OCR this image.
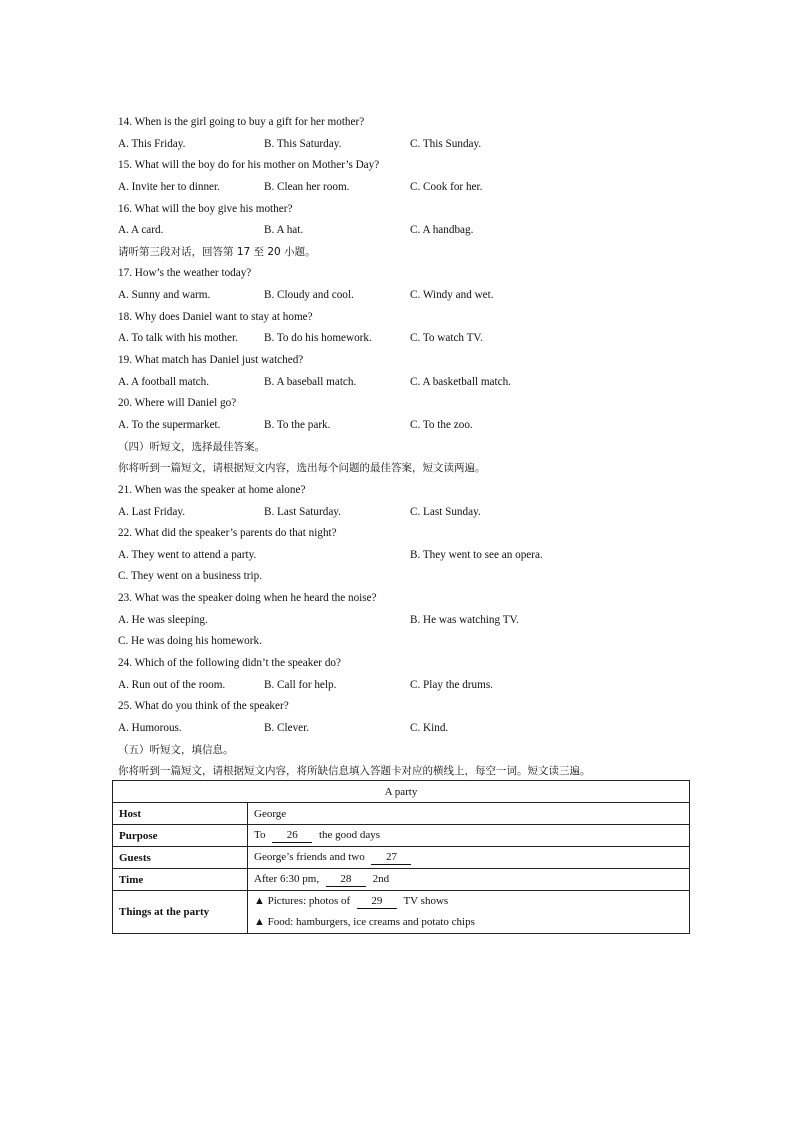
14. When is the girl going to buy a gift for her mother?
A. This Friday.	B. This Saturday.	C. This Sunday.
15. What will the boy do for his mother on Mother’s Day?
A. Invite her to dinner.	B. Clean her room.	C. Cook for her.
16. What will the boy give his mother?
A. A card.	B. A hat.	C. A handbag.
请听第三段对话，回答第 17 至 20 小题。
17. How’s the weather today?
A. Sunny and warm.	B. Cloudy and cool.	C. Windy and wet.
18. Why does Daniel want to stay at home?
A. To talk with his mother. B. To do his homework.	C. To watch TV.
19. What match has Daniel just watched?
A. A football match.	B. A baseball match.	C. A basketball match.
20. Where will Daniel go?
A. To the supermarket.	B. To the park.	C. To the zoo.
（四）听短文，选择最佳答案。
你将听到一篇短文，请根据短文内容，选出每个问题的最佳答案，短文读两遍。
21. When was the speaker at home alone?
A. Last Friday.	B. Last Saturday.	C. Last Sunday.
22. What did the speaker’s parents do that night?
A. They went to attend a party.	B. They went to see an opera.
C. They went on a business trip.
23. What was the speaker doing when he heard the noise?
A. He was sleeping.	B. He was watching TV.
C. He was doing his homework.
24. Which of the following didn’t the speaker do?
A. Run out of the room.	B. Call for help.	C. Play the drums.
25. What do you think of the speaker?
A. Humorous.	B. Clever.	C. Kind.
（五）听短文，填信息。
你将听到一篇短文，请根据短文内容，将所缺信息填入答题卡对应的横线上，每空一词。短文读三遍。
A party	
Host	George
Purpose	To 26 the good days
Guests	George’s friends and two 27
Time	After 6:30 pm, 28 2nd
Things at the party	▲ Pictures: photos of 29 TV shows
▲ Food: hamburgers, ice creams and potato chips
